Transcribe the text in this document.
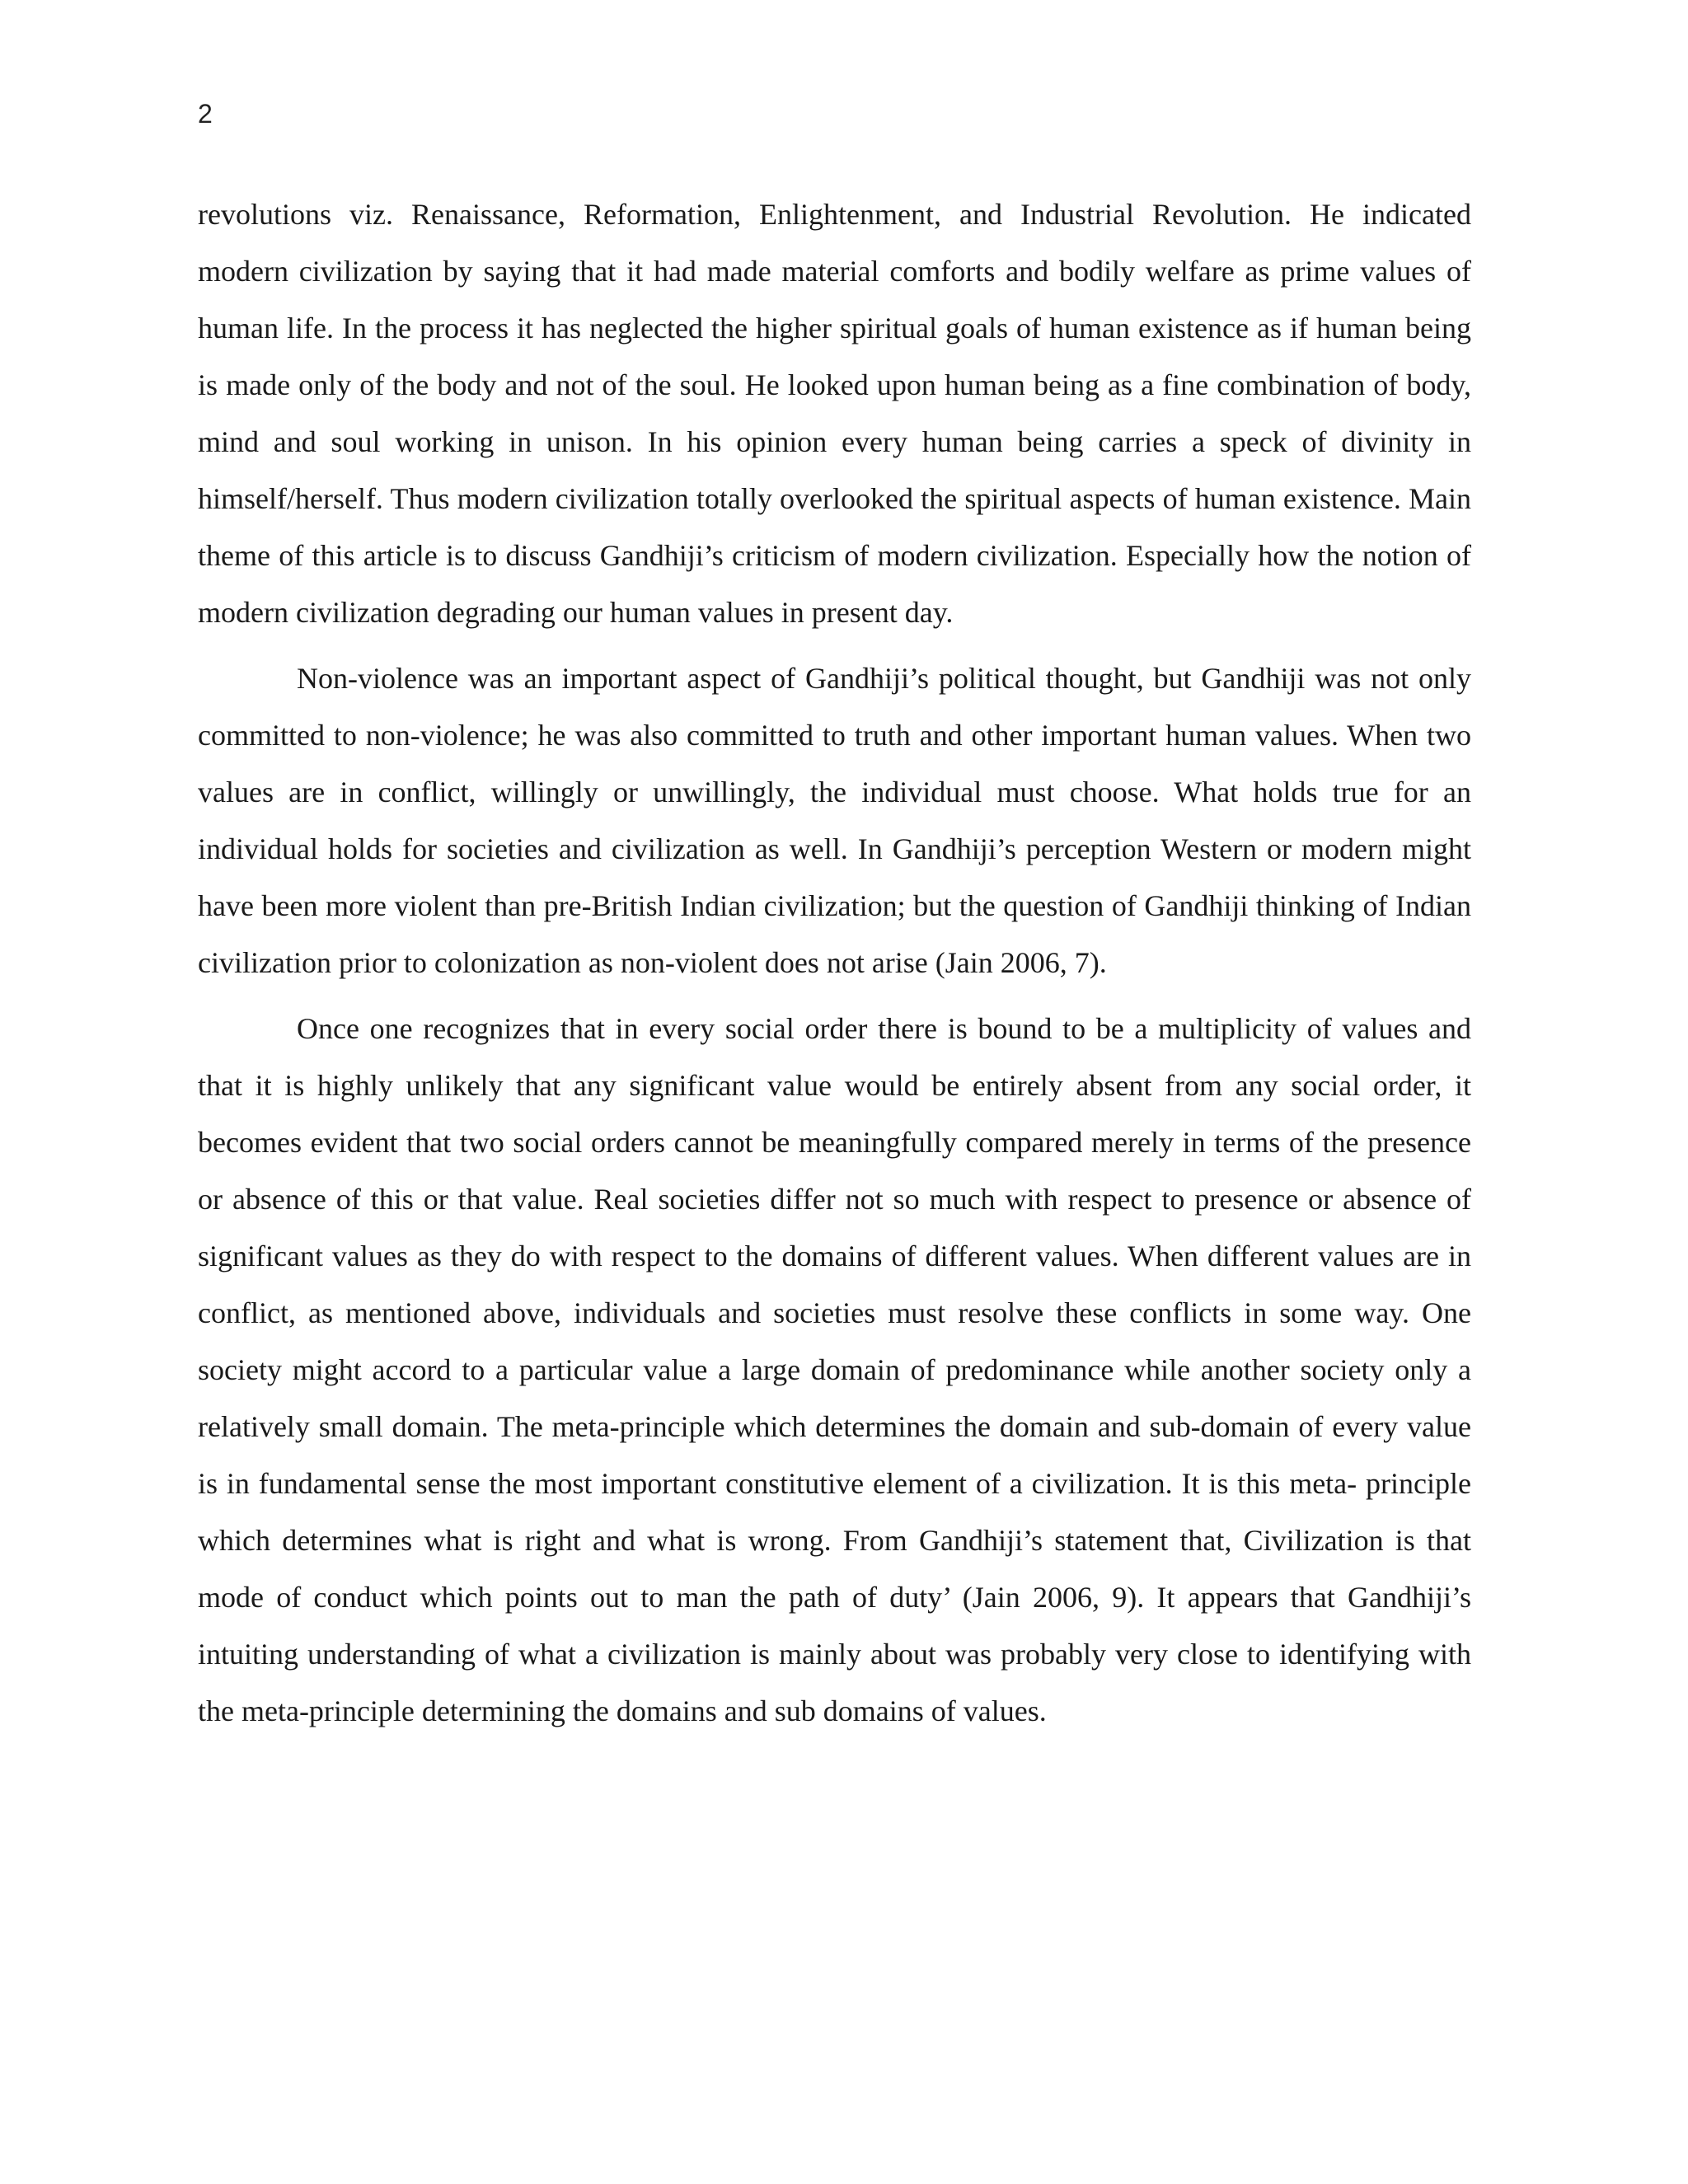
2

revolutions viz. Renaissance, Reformation, Enlightenment, and Industrial Revolution. He indicated modern civilization by saying that it had made material comforts and bodily welfare as prime values of human life. In the process it has neglected the higher spiritual goals of human existence as if human being is made only of the body and not of the soul. He looked upon human being as a fine combination of body, mind and soul working in unison. In his opinion every human being carries a speck of divinity in himself/herself. Thus modern civilization totally overlooked the spiritual aspects of human existence. Main theme of this article is to discuss Gandhiji’s criticism of modern civilization. Especially how the notion of modern civilization degrading our human values in present day.

Non-violence was an important aspect of Gandhiji’s political thought, but Gandhiji was not only committed to non-violence; he was also committed to truth and other important human values. When two values are in conflict, willingly or unwillingly, the individual must choose. What holds true for an individual holds for societies and civilization as well. In Gandhiji’s perception Western or modern might have been more violent than pre-British Indian civilization; but the question of Gandhiji thinking of Indian civilization prior to colonization as non-violent does not arise (Jain 2006, 7).

Once one recognizes that in every social order there is bound to be a multiplicity of values and that it is highly unlikely that any significant value would be entirely absent from any social order, it becomes evident that two social orders cannot be meaningfully compared merely in terms of the presence or absence of this or that value. Real societies differ not so much with respect to presence or absence of significant values as they do with respect to the domains of different values. When different values are in conflict, as mentioned above, individuals and societies must resolve these conflicts in some way. One society might accord to a particular value a large domain of predominance while another society only a relatively small domain. The meta-principle which determines the domain and sub-domain of every value is in fundamental sense the most important constitutive element of a civilization. It is this meta- principle which determines what is right and what is wrong. From Gandhiji’s statement that, Civilization is that mode of conduct which points out to man the path of duty’ (Jain 2006, 9). It appears that Gandhiji’s intuiting understanding of what a civilization is mainly about was probably very close to identifying with the meta-principle determining the domains and sub domains of values.
